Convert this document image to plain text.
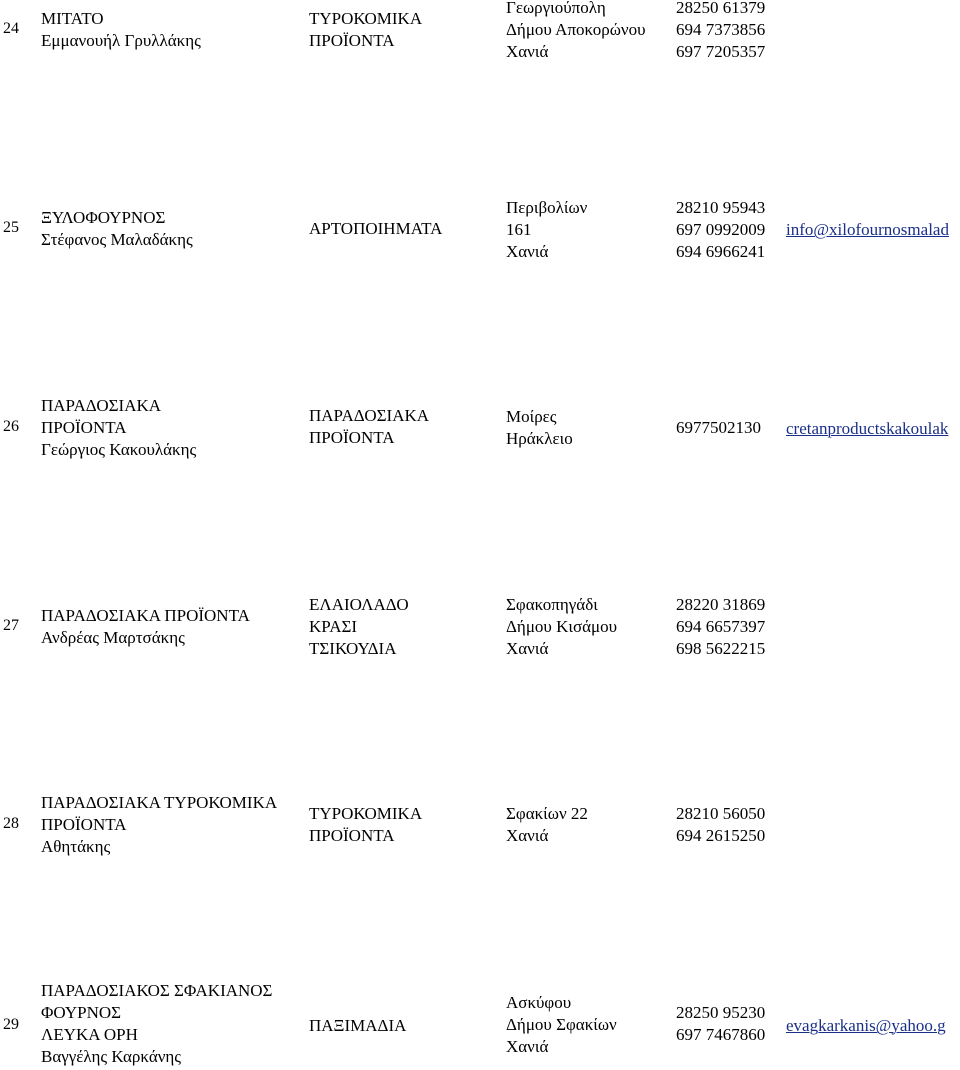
24
ΜΙΤΑΤΟ
Εμμανουήλ Γρυλλάκης
ΤΥΡΟΚΟΜΙΚΑ
ΠΡΟΪΟΝΤΑ
Γεωργιούπολη
Δήμου Αποκορώνου
Χανιά
28250 61379
694 7373856
697 7205357
25
ΞΥΛΟΦΟΥΡΝΟΣ
Στέφανος Μαλαδάκης
ΑΡΤΟΠΟΙΗΜΑΤΑ
Περιβολίων
161
Χανιά
28210 95943
697 0992009
694 6966241
info@xilofournosmalad
26
ΠΑΡΑΔΟΣΙΑΚΑ
ΠΡΟΪΟΝΤΑ
Γεώργιος Κακουλάκης
ΠΑΡΑΔΟΣΙΑΚΑ
ΠΡΟΪΟΝΤΑ
Μοίρες
Ηράκλειο
6977502130 cretanproductskakoulak
27
ΠΑΡΑΔΟΣΙΑΚΑ ΠΡΟΪΟΝΤΑ
Ανδρέας Μαρτσάκης
ΕΛΑΙΟΛΑΔΟ
ΚΡΑΣΙ
ΤΣΙΚΟΥΔΙΑ
Σφακοπηγάδι
Δήμου Κισάμου
Χανιά
28220 31869
694 6657397
698 5622215
28
ΠΑΡΑΔΟΣΙΑΚΑ ΤΥΡΟΚΟΜΙΚΑ
ΠΡΟΪΟΝΤΑ
Αθητάκης
ΤΥΡΟΚΟΜΙΚΑ
ΠΡΟΪΟΝΤΑ
Σφακίων 22
Χανιά
28210 56050
694 2615250
29
ΠΑΡΑΔΟΣΙΑΚΟΣ ΣΦΑΚΙΑΝΟΣ
ΦΟΥΡΝΟΣ
ΛΕΥΚΑ ΟΡΗ
Βαγγέλης Καρκάνης
ΠΑΞΙΜΑΔΙΑ
Ασκύφου
Δήμου Σφακίων
Χανιά
28250 95230
697 7467860 evagkarkanis@yahoo.g
